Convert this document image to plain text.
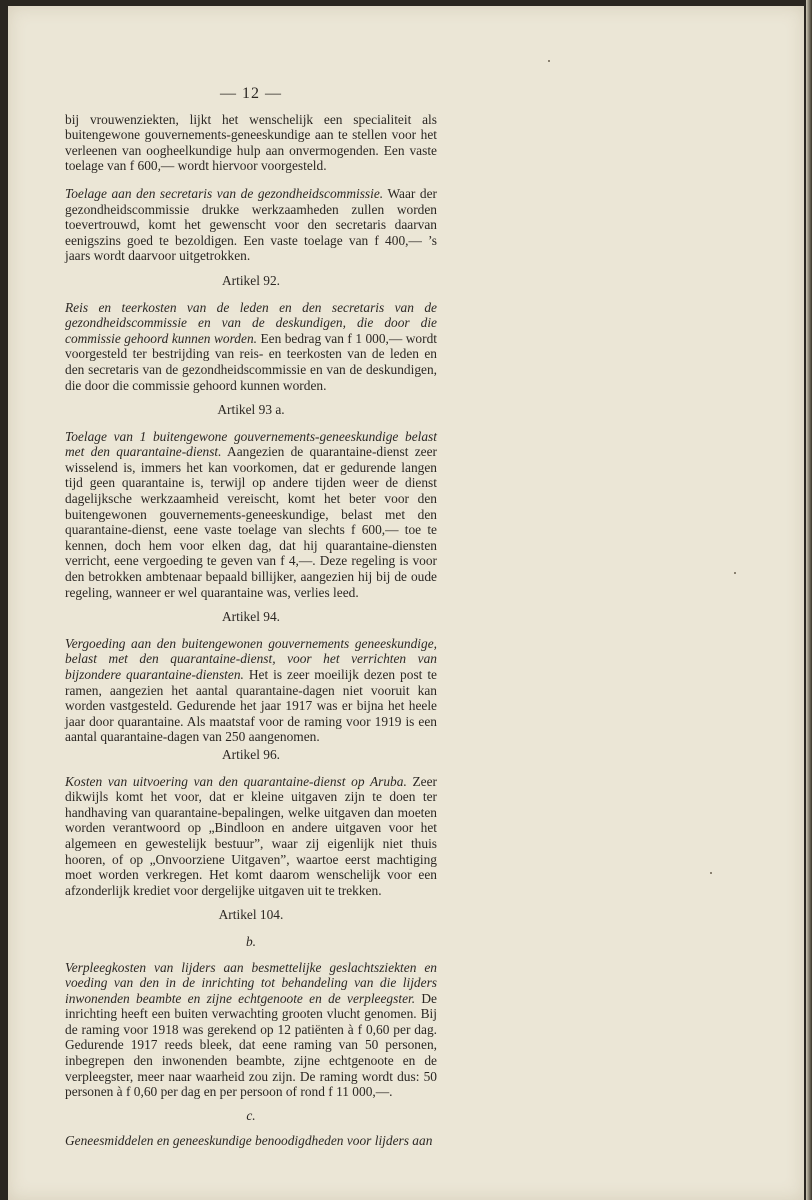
— 12 —

bij vrouwenziekten, lijkt het wenschelijk een specialiteit als buitengewone gouvernements-geneeskundige aan te stellen voor het verleenen van oogheelkundige hulp aan onvermogenden. Een vaste toelage van f 600,— wordt hiervoor voorgesteld.

Toelage aan den secretaris van de gezondheidscommissie. Waar der gezondheidscommissie drukke werkzaamheden zullen worden toevertrouwd, komt het gewenscht voor den secretaris daarvan eenigszins goed te bezoldigen. Een vaste toelage van f 400,— ’s jaars wordt daarvoor uitgetrokken.

Artikel 92.

Reis en teerkosten van de leden en den secretaris van de gezondheidscommissie en van de deskundigen, die door die commissie gehoord kunnen worden. Een bedrag van f 1 000,— wordt voorgesteld ter bestrijding van reis- en teerkosten van de leden en den secretaris van de gezondheidscommissie en van de deskundigen, die door die commissie gehoord kunnen worden.

Artikel 93 a.

Toelage van 1 buitengewone gouvernements-geneeskundige belast met den quarantaine-dienst. Aangezien de quarantaine-dienst zeer wisselend is, immers het kan voorkomen, dat er gedurende langen tijd geen quarantaine is, terwijl op andere tijden weer de dienst dagelijksche werkzaamheid vereischt, komt het beter voor den buitengewonen gouvernements-geneeskundige, belast met den quarantaine-dienst, eene vaste toelage van slechts f 600,— toe te kennen, doch hem voor elken dag, dat hij quarantaine-diensten verricht, eene vergoeding te geven van f 4,—. Deze regeling is voor den betrokken ambtenaar bepaald billijker, aangezien hij bij de oude regeling, wanneer er wel quarantaine was, verlies leed.

Artikel 94.

Vergoeding aan den buitengewonen gouvernements geneeskundige, belast met den quarantaine-dienst, voor het verrichten van bijzondere quarantaine-diensten. Het is zeer moeilijk dezen post te ramen, aangezien het aantal quarantaine-dagen niet vooruit kan worden vastgesteld. Gedurende het jaar 1917 was er bijna het heele jaar door quarantaine. Als maatstaf voor de raming voor 1919 is een aantal quarantaine-dagen van 250 aangenomen.

Artikel 96.

Kosten van uitvoering van den quarantaine-dienst op Aruba. Zeer dikwijls komt het voor, dat er kleine uitgaven zijn te doen ter handhaving van quarantaine-bepalingen, welke uitgaven dan moeten worden verantwoord op „Bindloon en andere uitgaven voor het algemeen en gewestelijk bestuur”, waar zij eigenlijk niet thuis hooren, of op „Onvoorziene Uitgaven”, waartoe eerst machtiging moet worden verkregen. Het komt daarom wenschelijk voor een afzonderlijk krediet voor dergelijke uitgaven uit te trekken.

Artikel 104.
b.

Verpleegkosten van lijders aan besmettelijke geslachtsziekten en voeding van den in de inrichting tot behandeling van die lijders inwonenden beambte en zijne echtgenoote en de verpleegster. De inrichting heeft een buiten verwachting grooten vlucht genomen. Bij de raming voor 1918 was gerekend op 12 patiënten à f 0,60 per dag. Gedurende 1917 reeds bleek, dat eene raming van 50 personen, inbegrepen den inwonenden beambte, zijne echtgenoote en de verpleegster, meer naar waarheid zou zijn. De raming wordt dus: 50 personen à f 0,60 per dag en per persoon of rond f 11 000,—.

c.

Geneesmiddelen en geneeskundige benoodigdheden voor lijders aan
